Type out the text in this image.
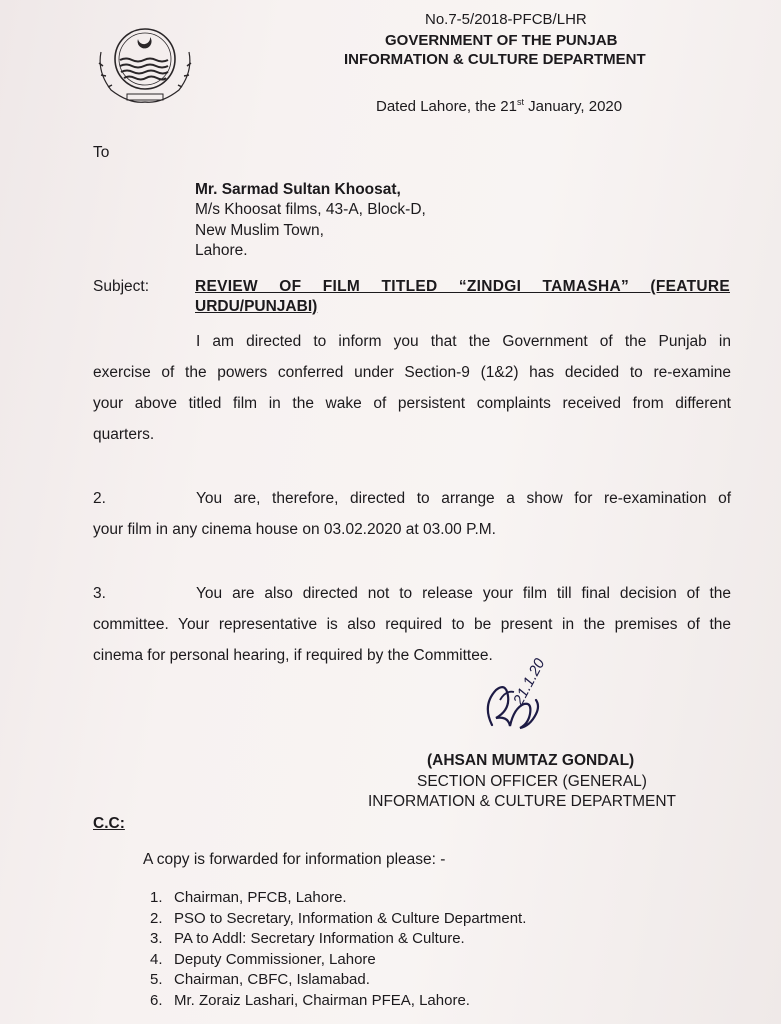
No.7-5/2018-PFCB/LHR
GOVERNMENT OF THE PUNJAB
INFORMATION & CULTURE DEPARTMENT
Dated Lahore, the 21st January, 2020
To
Mr. Sarmad Sultan Khoosat,
M/s Khoosat films, 43-A, Block-D,
New Muslim Town,
Lahore.
Subject:	REVIEW OF FILM TITLED “ZINDGI TAMASHA” (FEATURE
URDU/PUNJABI)
I am directed to inform you that the Government of the Punjab in
exercise of the powers conferred under Section-9 (1&2) has decided to re-examine
your above titled film in the wake of persistent complaints received from different
quarters.
2.	You are, therefore, directed to arrange a show for re-examination of
your film in any cinema house on 03.02.2020 at 03.00 P.M.
3.	You are also directed not to release your film till final decision of the
committee. Your representative is also required to be present in the premises of the
cinema for personal hearing, if required by the Committee.
21.1.20
(AHSAN MUMTAZ GONDAL)
SECTION OFFICER (GENERAL)
INFORMATION & CULTURE DEPARTMENT
C.C:
A copy is forwarded for information please: -
1. Chairman, PFCB, Lahore.
2. PSO to Secretary, Information & Culture Department.
3. PA to Addl: Secretary Information & Culture.
4. Deputy Commissioner, Lahore
5. Chairman, CBFC, Islamabad.
6. Mr. Zoraiz Lashari, Chairman PFEA, Lahore.
